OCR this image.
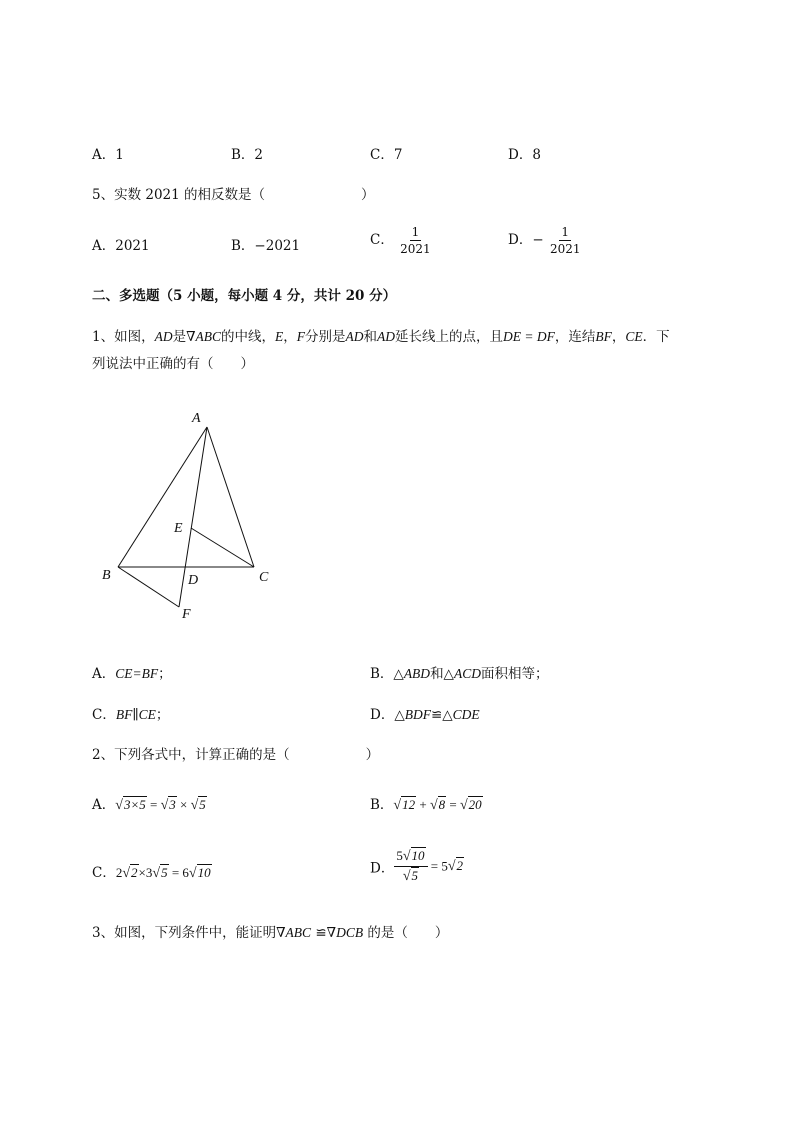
A．1	B．2	C．7	D．8
5、实数 2021 的相反数是（	）
A．2021	B．−2021	C． $\frac{1}{2021}$	D．− $\frac{1}{2021}$
二、多选题（5 小题，每小题 4 分，共计 20 分）
1、如图，AD是∇ABC的中线，E，F分别是AD和AD延长线上的点，且DE = DF，连结BF，CE．下
列说法中正确的有（　　）
A
B	C
D
E
F
A．CE=BF；	B．△ABD和△ACD面积相等；
C．BF∥CE；	D．△BDF≌△CDE
2、下列各式中，计算正确的是（	）
A．√3×5 = √3 × √5	B．√12 + √8 = √20
C．2√2×3√5 = 6√10	D． $\frac{5√10}{√5} = 5√2$
3、如图，下列条件中，能证明∇ABC ≌∇DCB 的是（　　）
